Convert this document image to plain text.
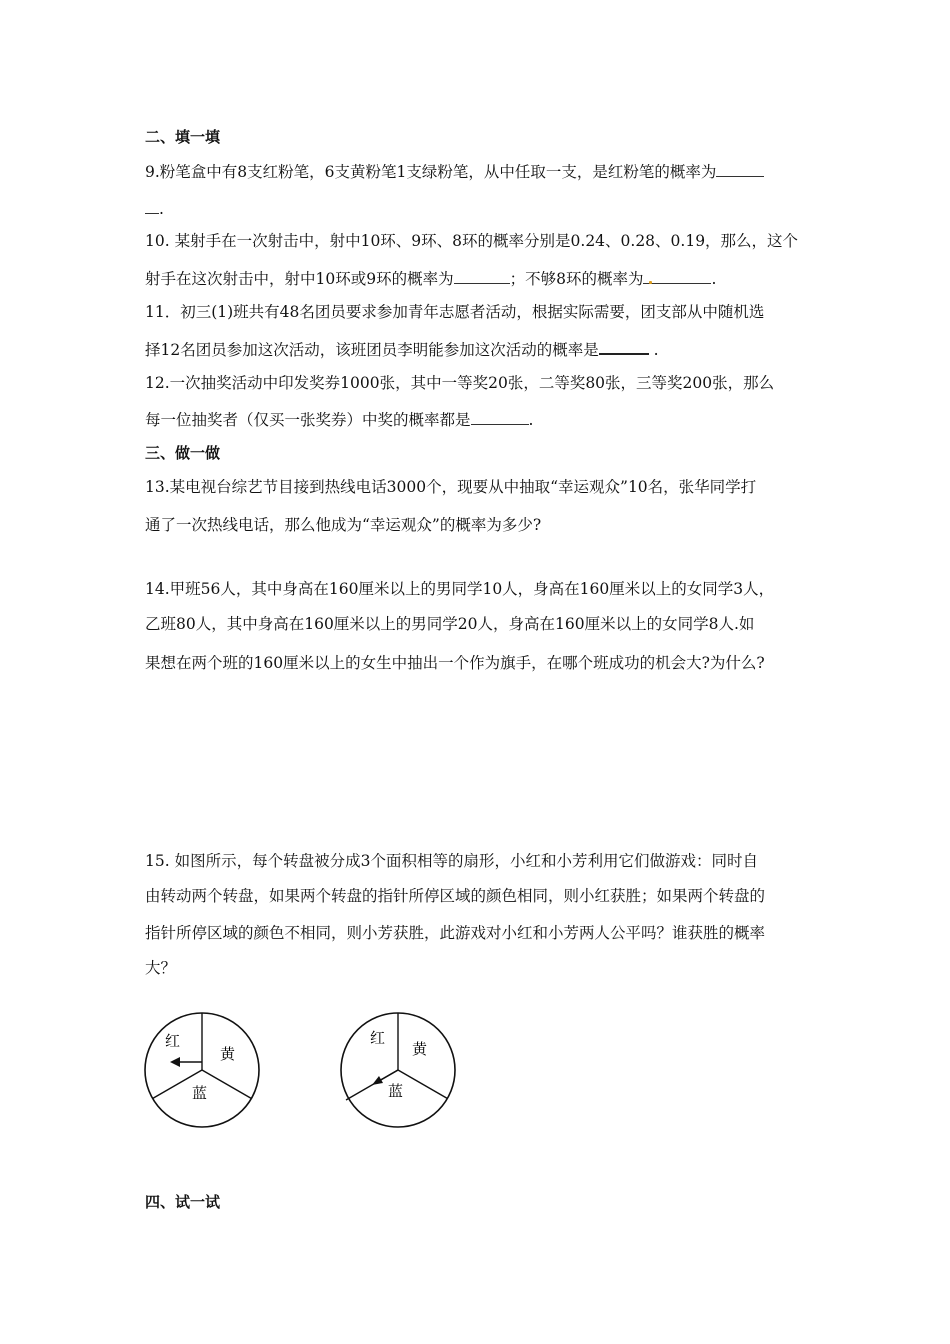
二、填一填
9.粉笔盒中有8支红粉笔，6支黄粉笔1支绿粉笔，从中任取一支，是红粉笔的概率为
.
10. 某射手在一次射击中，射中10环、9环、8环的概率分别是0.24、0.28、0.19，那么，这个
射手在这次射击中，射中10环或9环的概率为	；不够8环的概率为	.
11．初三(1)班共有48名团员要求参加青年志愿者活动，根据实际需要，团支部从中随机选
择12名团员参加这次活动，该班团员李明能参加这次活动的概率是	.
12.一次抽奖活动中印发奖券1000张，其中一等奖20张，二等奖80张，三等奖200张，那么
每一位抽奖者（仅买一张奖券）中奖的概率都是	.
三、做一做
13.某电视台综艺节目接到热线电话3000个，现要从中抽取“幸运观众”10名，张华同学打
通了一次热线电话，那么他成为“幸运观众”的概率为多少?
14.甲班56人，其中身高在160厘米以上的男同学10人，身高在160厘米以上的女同学3人，
乙班80人，其中身高在160厘米以上的男同学20人，身高在160厘米以上的女同学8人.如
果想在两个班的160厘米以上的女生中抽出一个作为旗手，在哪个班成功的机会大?为什么?
15. 如图所示，每个转盘被分成3个面积相等的扇形，小红和小芳利用它们做游戏：同时自
由转动两个转盘，如果两个转盘的指针所停区域的颜色相同，则小红获胜；如果两个转盘的
指针所停区域的颜色不相同，则小芳获胜，此游戏对小红和小芳两人公平吗？谁获胜的概率
大？
红
黄
蓝
红
黄
蓝
四、试一试
